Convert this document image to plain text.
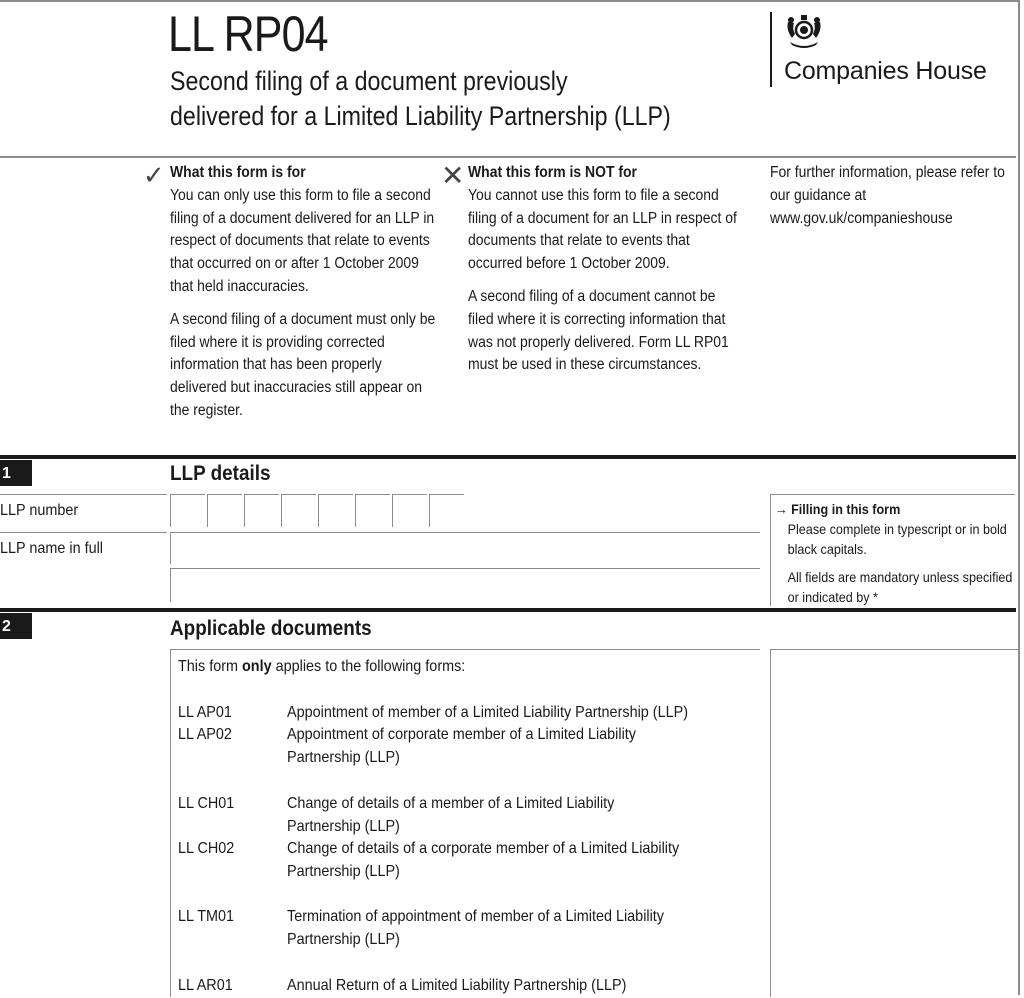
LL RP04
Second filing of a document previously
delivered for a Limited Liability Partnership (LLP)
Companies House
✓ What this form is for

You can only use this form to file a second filing of a document delivered for an LLP in respect of documents that relate to events that occurred on or after 1 October 2009 that held inaccuracies.

A second filing of a document must only be filed where it is providing corrected information that has been properly delivered but inaccuracies still appear on the register.

✕ What this form is NOT for

You cannot use this form to file a second filing of a document for an LLP in respect of documents that relate to events that occurred before 1 October 2009.

A second filing of a document cannot be filed where it is correcting information that was not properly delivered. Form LL RP01 must be used in these circumstances.

For further information, please refer to our guidance at www.gov.uk/companieshouse

1	LLP details
LLP number
LLP name in full
→ Filling in this form

Please complete in typescript or in bold black capitals.

All fields are mandatory unless specified or indicated by *

2	Applicable documents
This form only applies to the following forms:
LL AP01	Appointment of member of a Limited Liability Partnership (LLP)
LL AP02	Appointment of corporate member of a Limited Liability Partnership (LLP)
LL CH01	Change of details of a member of a Limited Liability Partnership (LLP)
LL CH02	Change of details of a corporate member of a Limited Liability Partnership (LLP)
LL TM01	Termination of appointment of member of a Limited Liability Partnership (LLP)
LL AR01	Annual Return of a Limited Liability Partnership (LLP)
